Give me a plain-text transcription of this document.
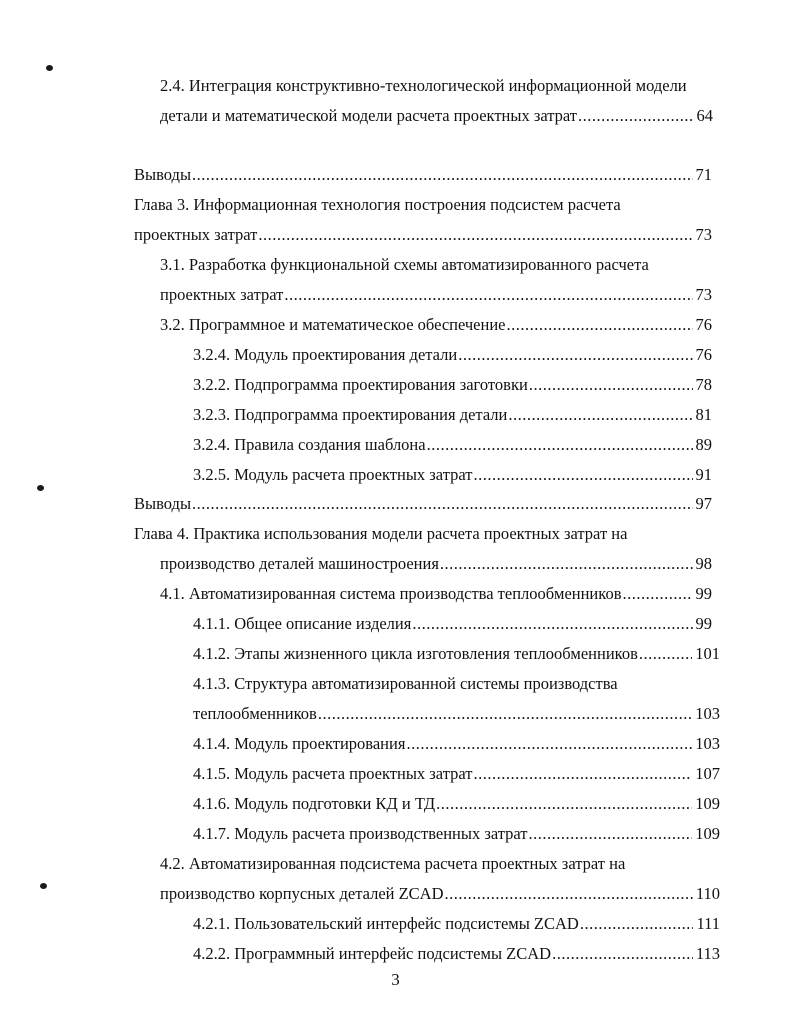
2.4. Интеграция конструктивно-технологической информационной модели
детали и математической модели расчета проектных затрат .....	64
Выводы .....	71
Глава 3. Информационная технология построения подсистем расчета
проектных затрат .....	73
3.1. Разработка функциональной схемы автоматизированного расчета
проектных затрат .....	73
3.2. Программное и математическое обеспечение .....	76
3.2.4. Модуль проектирования детали .....	76
3.2.2. Подпрограмма проектирования заготовки .....	78
3.2.3. Подпрограмма проектирования детали .....	81
3.2.4. Правила создания шаблона .....	89
3.2.5. Модуль расчета проектных затрат .....	91
Выводы .....	97
Глава 4. Практика использования модели расчета проектных затрат на
производство деталей машиностроения .....	98
4.1. Автоматизированная система производства теплообменников .....	99
4.1.1. Общее описание изделия .....	99
4.1.2. Этапы жизненного цикла изготовления теплообменников .....	101
4.1.3. Структура автоматизированной системы производства
теплообменников .....	103
4.1.4. Модуль проектирования .....	103
4.1.5. Модуль расчета проектных затрат .....	107
4.1.6. Модуль подготовки КД и ТД .....	109
4.1.7. Модуль расчета производственных затрат .....	109
4.2. Автоматизированная подсистема расчета проектных затрат на
производство корпусных деталей ZCAD .....	110
4.2.1. Пользовательский интерфейс подсистемы ZCAD .....	111
4.2.2. Программный интерфейс подсистемы ZCAD .....	113
3
